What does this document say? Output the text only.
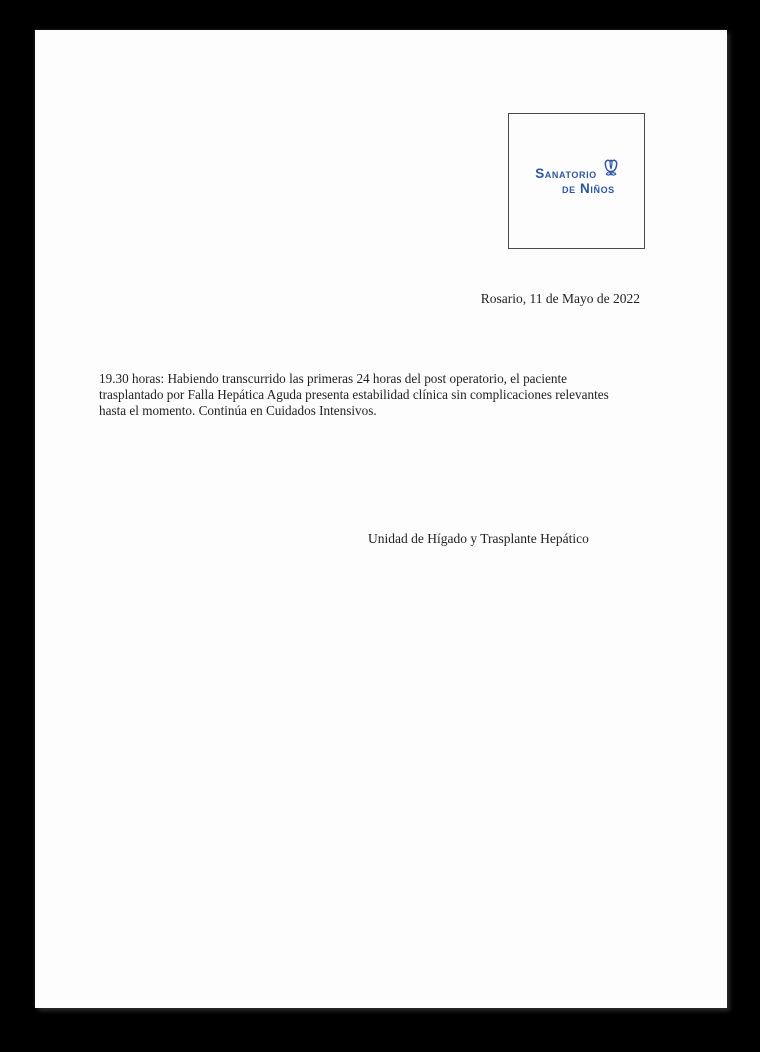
Sanatorio
de Niños
Rosario, 11 de Mayo de 2022
19.30 horas: Habiendo transcurrido las primeras 24 horas del post operatorio, el paciente
trasplantado por Falla Hepática Aguda presenta estabilidad clínica sin complicaciones relevantes
hasta el momento. Continúa en Cuidados Intensivos.
Unidad de Hígado y Trasplante Hepático
